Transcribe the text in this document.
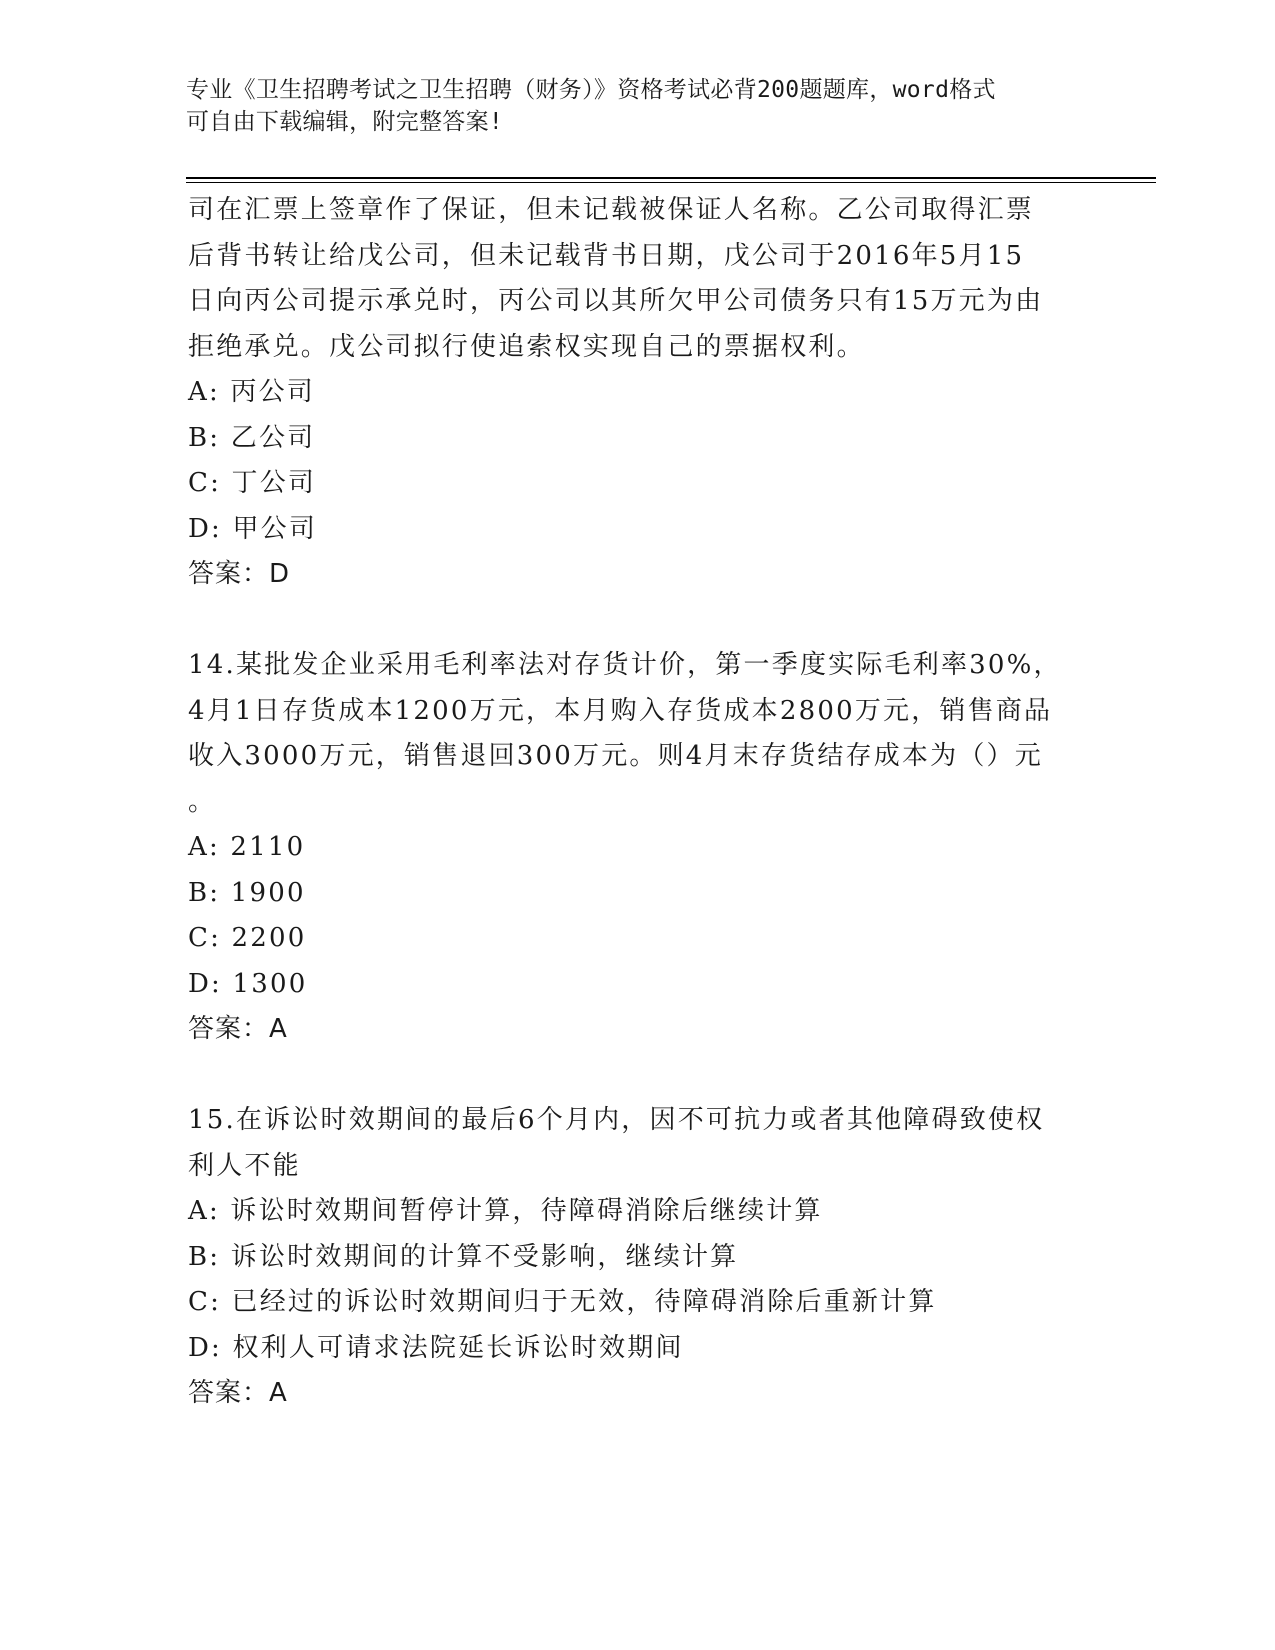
专业《卫生招聘考试之卫生招聘（财务）》资格考试必背200题题库，word格式
可自由下载编辑，附完整答案!

司在汇票上签章作了保证，但未记载被保证人名称。乙公司取得汇票

后背书转让给戊公司，但未记载背书日期，戊公司于2016年5月15

日向丙公司提示承兑时，丙公司以其所欠甲公司债务只有15万元为由

拒绝承兑。戊公司拟行使追索权实现自己的票据权利。

A: 丙公司

B: 乙公司

C: 丁公司

D: 甲公司

答案：D

14.某批发企业采用毛利率法对存货计价，第一季度实际毛利率30%，

4月1日存货成本1200万元，本月购入存货成本2800万元，销售商品

收入3000万元，销售退回300万元。则4月末存货结存成本为（）元

。

A: 2110

B: 1900

C: 2200

D: 1300

答案：A

15.在诉讼时效期间的最后6个月内，因不可抗力或者其他障碍致使权

利人不能

A: 诉讼时效期间暂停计算，待障碍消除后继续计算

B: 诉讼时效期间的计算不受影响，继续计算

C: 已经过的诉讼时效期间归于无效，待障碍消除后重新计算

D: 权利人可请求法院延长诉讼时效期间

答案：A
